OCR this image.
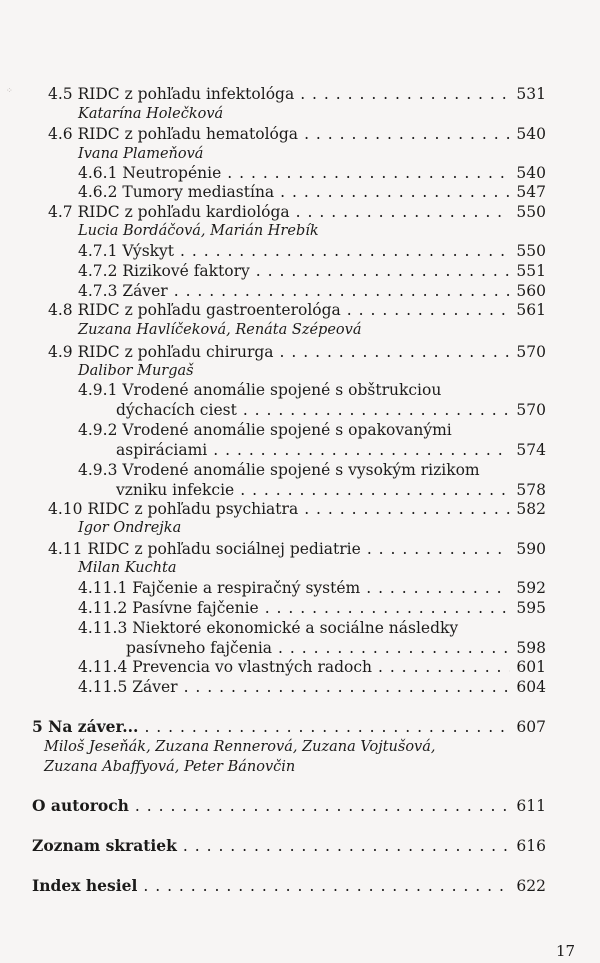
⁘ 4.5 RIDC z pohľadu infektológa . . .	531
Katarína Holečková
4.6 RIDC z pohľadu hematológa . . .	540
Ivana Plameňová
4.6.1 Neutropénie . . .	540
4.6.2 Tumory mediastína . . .	547
4.7 RIDC z pohľadu kardiológa . . .	550
Lucia Bordáčová, Marián Hrebík
4.7.1 Výskyt . . .	550
4.7.2 Rizikové faktory . . .	551
4.7.3 Záver . . .	560
4.8 RIDC z pohľadu gastroenterológa . . .	561
Zuzana Havlíčeková, Renáta Szépeová
4.9 RIDC z pohľadu chirurga . . .	570
Dalibor Murgaš
4.9.1 Vrodené anomálie spojené s obštrukciou
dýchacích ciest . . .	570
4.9.2 Vrodené anomálie spojené s opakovanými
aspiráciami . . .	574
4.9.3 Vrodené anomálie spojené s vysokým rizikom
vzniku infekcie . . .	578
4.10 RIDC z pohľadu psychiatra . . .	582
Igor Ondrejka
4.11 RIDC z pohľadu sociálnej pediatrie . . .	590
Milan Kuchta
4.11.1 Fajčenie a respiračný systém . . .	592
4.11.2 Pasívne fajčenie . . .	595
4.11.3 Niektoré ekonomické a sociálne následky
pasívneho fajčenia . . .	598
4.11.4 Prevencia vo vlastných radoch . . .	601
4.11.5 Záver . . .	604
5 Na záver... . . .	607
Miloš Jeseňák, Zuzana Rennerová, Zuzana Vojtušová,
Zuzana Abaffyová, Peter Bánovčin
O autoroch . . .	611
Zoznam skratiek . . .	616
Index hesiel . . .	622
17
